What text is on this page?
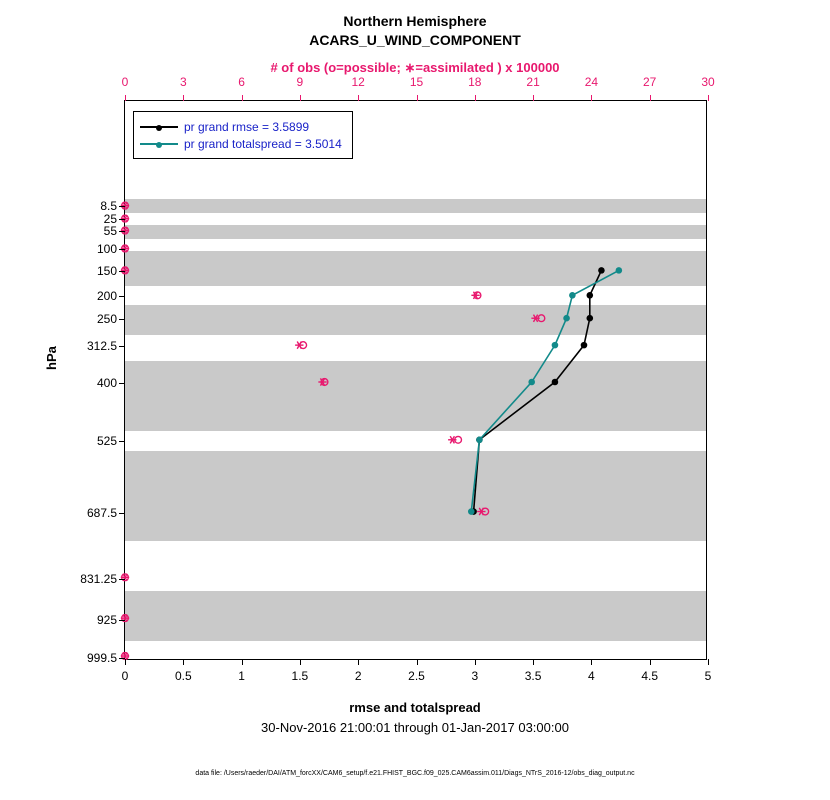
Northern Hemisphere
ACARS_U_WIND_COMPONENT
# of obs (o=possible; ∗=assimilated ) x 100000
hPa
pr grand rmse = 3.5899
pr grand totalspread = 3.5014
0	0.5	1	1.5	2	2.5	3	3.5	4	4.5	5
0	3	6	9	12	15	18	21	24	27	30
8.5
25
55
100
150
200
250
312.5
400
525
687.5
831.25
925
999.5
rmse and totalspread
30-Nov-2016 21:00:01 through 01-Jan-2017 03:00:00
data file: /Users/raeder/DAI/ATM_forcXX/CAM6_setup/f.e21.FHIST_BGC.f09_025.CAM6assim.011/Diags_NTrS_2016-12/obs_diag_output.nc
